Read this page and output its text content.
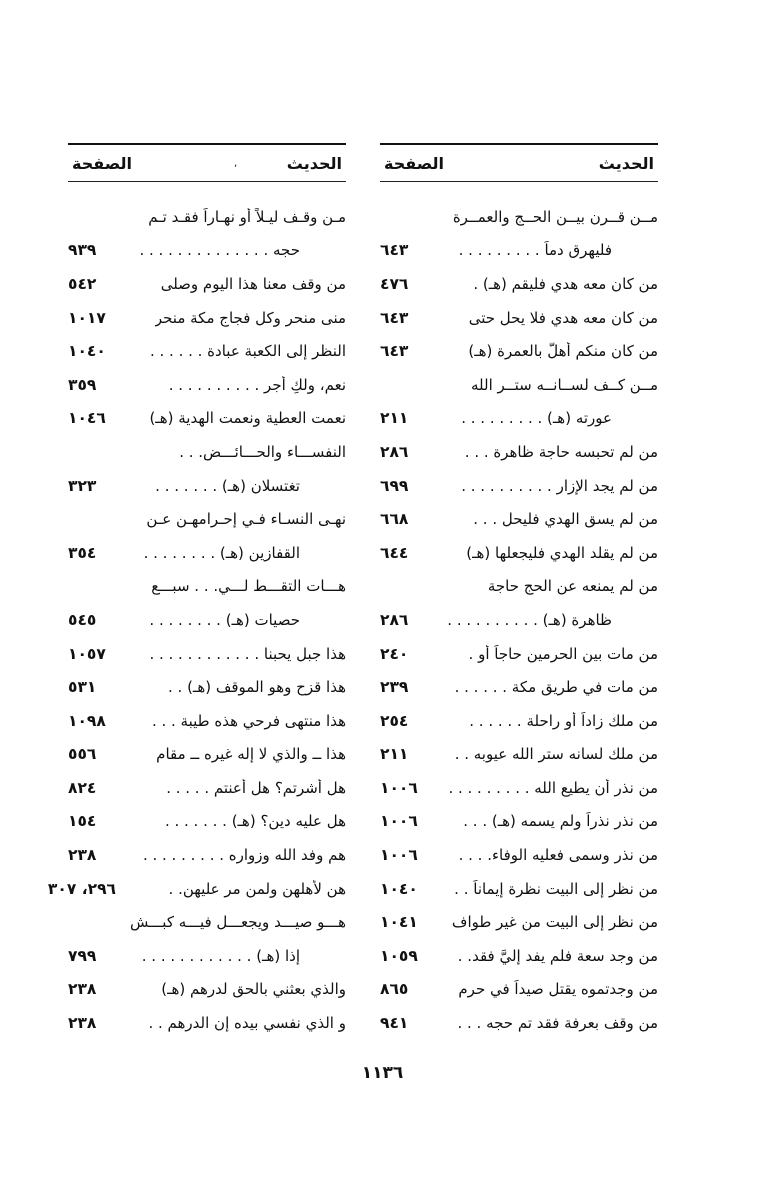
الحديث
الصفحة
مــن قــرن بيــن الحــج والعمــرة
فليهرق دماً . . . . . . . . .
٦٤٣
من كان معه هدي فليقم (هـ) .
٤٧٦
من كان معه هدي فلا يحل حتى
٦٤٣
من كان منكم أهلَّ بالعمرة (هـ)
٦٤٣
مــن كــف لســانــه ستــر الله
عورته (هـ) . . . . . . . . .
٢١١
من لم تحبسه حاجة ظاهرة . . .
٢٨٦
من لم يجد الإزار . . . . . . . . . .
٦٩٩
من لم يسق الهدي فليحل . . .
٦٦٨
من لم يقلد الهدي فليجعلها (هـ)
٦٤٤
من لم يمنعه عن الحج حاجة
ظاهرة (هـ) . . . . . . . . . .
٢٨٦
من مات بين الحرمين حاجاً أو .
٢٤٠
من مات في طريق مكة . . . . . .
٢٣٩
من ملك زاداً أو راحلة . . . . . .
٢٥٤
من ملك لسانه ستر الله عيوبه . .
٢١١
من نذر أن يطيع الله . . . . . . . . .
١٠٠٦
من نذر نذراً ولم يسمه (هـ) . . .
١٠٠٦
من نذر وسمى فعليه الوفاء. . . .
١٠٠٦
من نظر إلى البيت نظرة إيماناً . .
١٠٤٠
من نظر إلى البيت من غير طواف
١٠٤١
من وجد سعة فلم يفد إليَّ فقد. .
١٠٥٩
من وجدتموه يقتل صيداً في حرم
٨٦٥
من وقف بعرفة فقد تم حجه . . .
٩٤١
الحديث
الصفحة
مـن وقـف ليـلاً أو نهـاراً فقـد تـم
حجه . . . . . . . . . . . . . .
٩٣٩
من وقف معنا هذا اليوم وصلى
٥٤٢
منى منحر وكل فجاج مكة منحر
١٠١٧
النظر إلى الكعبة عبادة . . . . . .
١٠٤٠
نعم، ولكِ أجر . . . . . . . . . .
٣٥٩
نعمت العطية ونعمت الهدية (هـ)
١٠٤٦
النفســـاء والحـــائـــض. . .
تغتسلان (هـ) . . . . . . .
٣٢٣
نهـى النسـاء فـي إحـرامهـن عـن
القفازين (هـ) . . . . . . . .
٣٥٤
هـــات التقـــط لـــي. . . سبـــع
حصيات (هـ) . . . . . . . .
٥٤٥
هذا جبل يحبنا . . . . . . . . . . . .
١٠٥٧
هذا قزح وهو الموقف (هـ) . .
٥٣١
هذا منتهى فرحي هذه طيبة . . .
١٠٩٨
هذا ــ والذي لا إله غيره ــ مقام
٥٥٦
هل أشرتم؟ هل أعنتم . . . . .
٨٢٤
هل عليه دين؟ (هـ) . . . . . . .
١٥٤
هم وفد الله وزواره . . . . . . . . .
٢٣٨
هن لأهلهن ولمن مر عليهن. .
٢٩٦، ٣٠٧
هـــو صيـــد ويجعـــل فيـــه كبـــش
إذا (هـ) . . . . . . . . . . . .
٧٩٩
والذي بعثني بالحق لدرهم (هـ)
٢٣٨
و الذي نفسي بيده إن الدرهم . .
٢٣٨
,
١١٣٦
